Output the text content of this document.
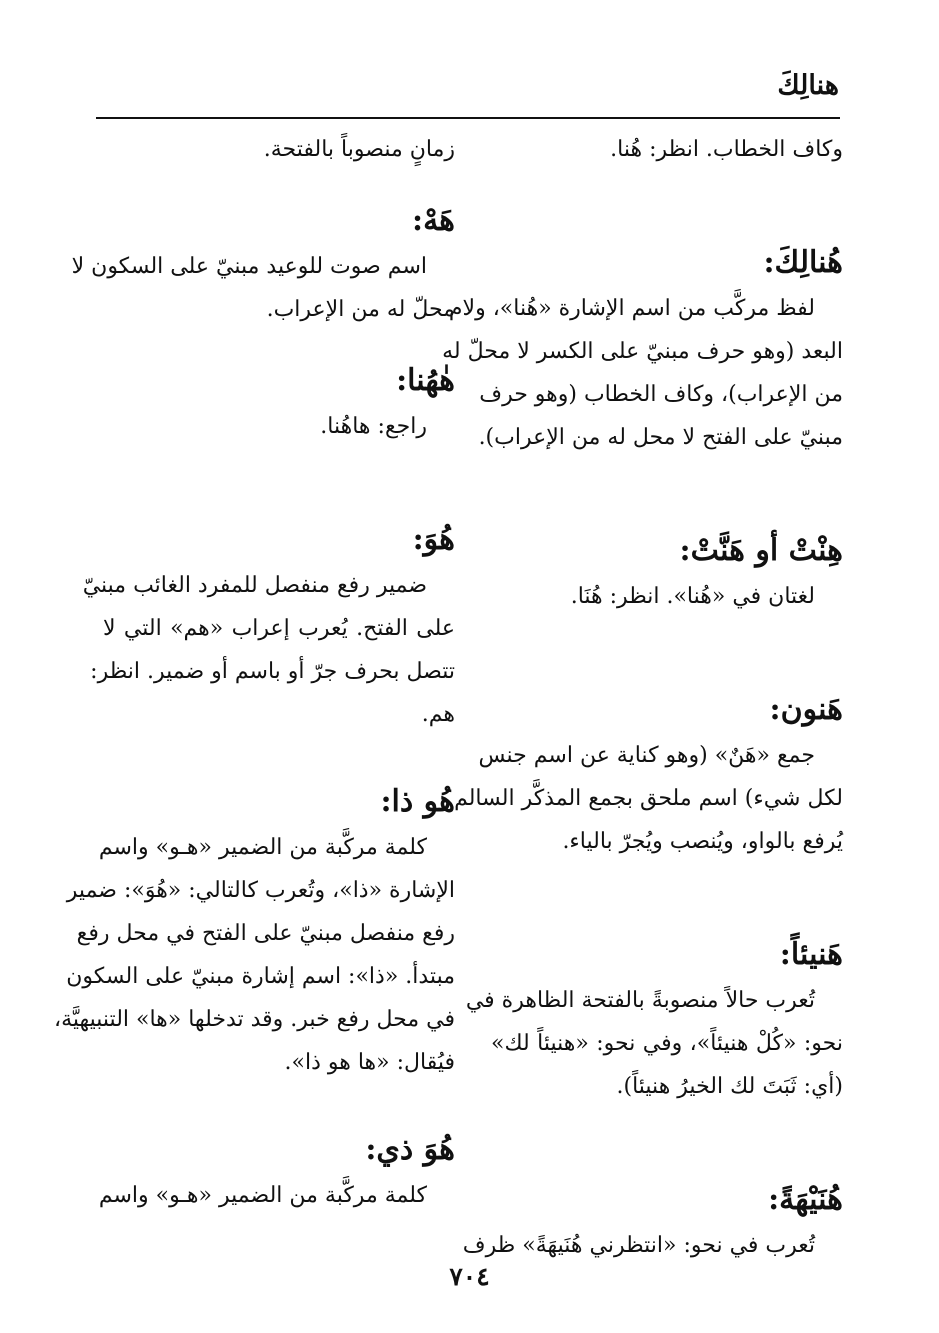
هنالِكَ
وكاف الخطاب. انظر: هُنا.
هُنالِكَ:
لفظ مركَّب من اسم الإشارة «هُنا»، ولام
البعد (وهو حرف مبنيّ على الكسر لا محلّ له
من الإعراب)، وكاف الخطاب (وهو حرف
مبنيّ على الفتح لا محل له من الإعراب).
هِنْتْ أو هَنَّتْ:
لغتان في «هُنا». انظر: هُنَا.
هَنون:
جمع «هَنٌ» (وهو كناية عن اسم جنس
لكل شيء) اسم ملحق بجمع المذكَّر السالم.
يُرفع بالواو، ويُنصب ويُجرّ بالياء.
هَنيئاً:
تُعرب حالاً منصوبةً بالفتحة الظاهرة في
نحو: «كُلْ هنيئاً»، وفي نحو: «هنيئاً لك»
(أي: ثَبَتَ لك الخيرُ هنيئاً).
هُنَيْهَةً:
تُعرب في نحو: «انتظرني هُنَيهَةً» ظرف
زمانٍ منصوباً بالفتحة.
هَهْ:
اسم صوت للوعيد مبنيّ على السكون لا
محلّ له من الإعراب.
هٰهُنا:
راجع: هاهُنا.
هُوَ:
ضمير رفع منفصل للمفرد الغائب مبنيّ
على الفتح. يُعرب إعراب «هم» التي لا
تتصل بحرف جرّ أو باسم أو ضمير. انظر:
هم.
هُو ذا:
كلمة مركَّبة من الضمير «هـو» واسم
الإشارة «ذا»، وتُعرب كالتالي: «هُوَ»: ضمير
رفع منفصل مبنيّ على الفتح في محل رفع
مبتدأ. «ذا»: اسم إشارة مبنيّ على السكون
في محل رفع خبر. وقد تدخلها «ها» التنبيهيَّة،
فيُقال: «ها هو ذا».
هُوَ ذي:
كلمة مركَّبة من الضمير «هـو» واسم
٧٠٤
